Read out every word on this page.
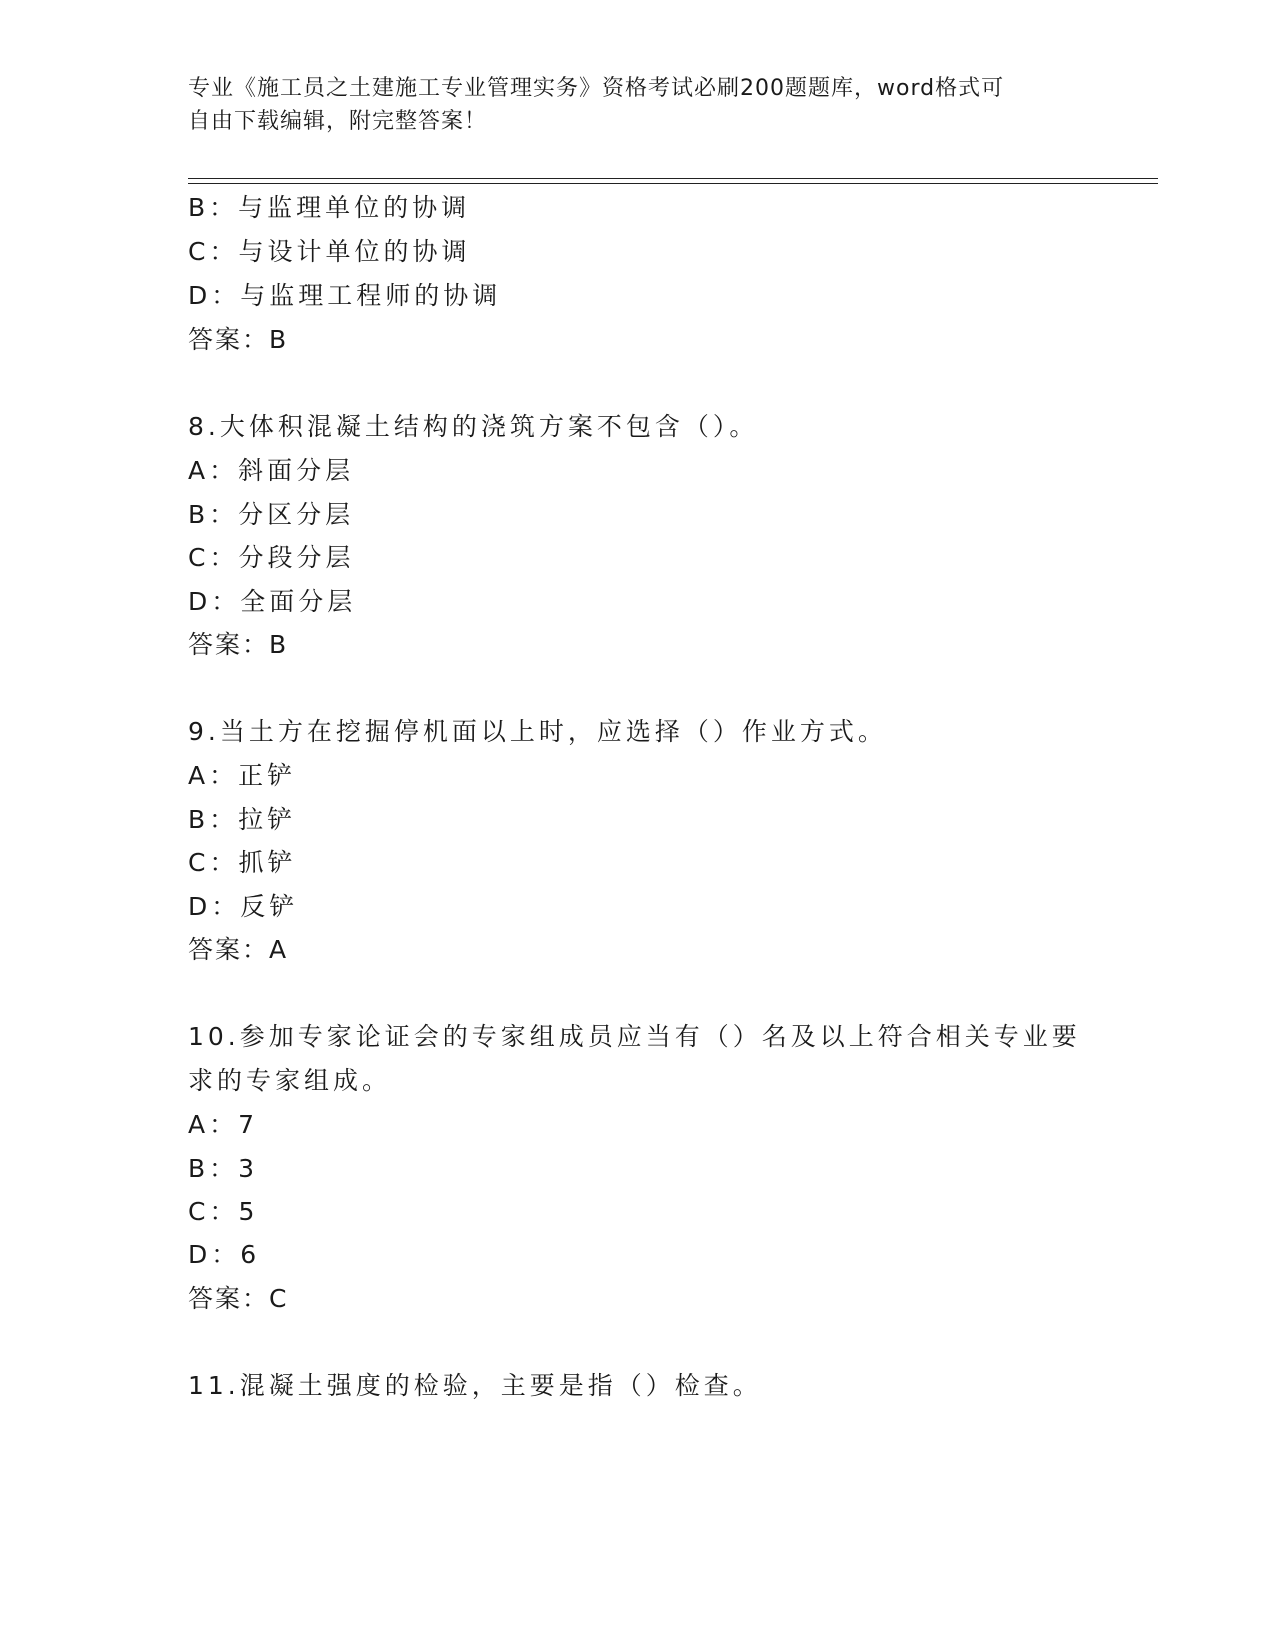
专业《施工员之土建施工专业管理实务》资格考试必刷200题题库，word格式可
自由下载编辑，附完整答案！
B：与监理单位的协调
C：与设计单位的协调
D：与监理工程师的协调
答案：B
8.大体积混凝土结构的浇筑方案不包含（）。
A：斜面分层
B：分区分层
C：分段分层
D：全面分层
答案：B
9.当土方在挖掘停机面以上时，应选择（）作业方式。
A：正铲
B：拉铲
C：抓铲
D：反铲
答案：A
10.参加专家论证会的专家组成员应当有（）名及以上符合相关专业要
求的专家组成。
A：7
B：3
C：5
D：6
答案：C
11.混凝土强度的检验，主要是指（）检查。
